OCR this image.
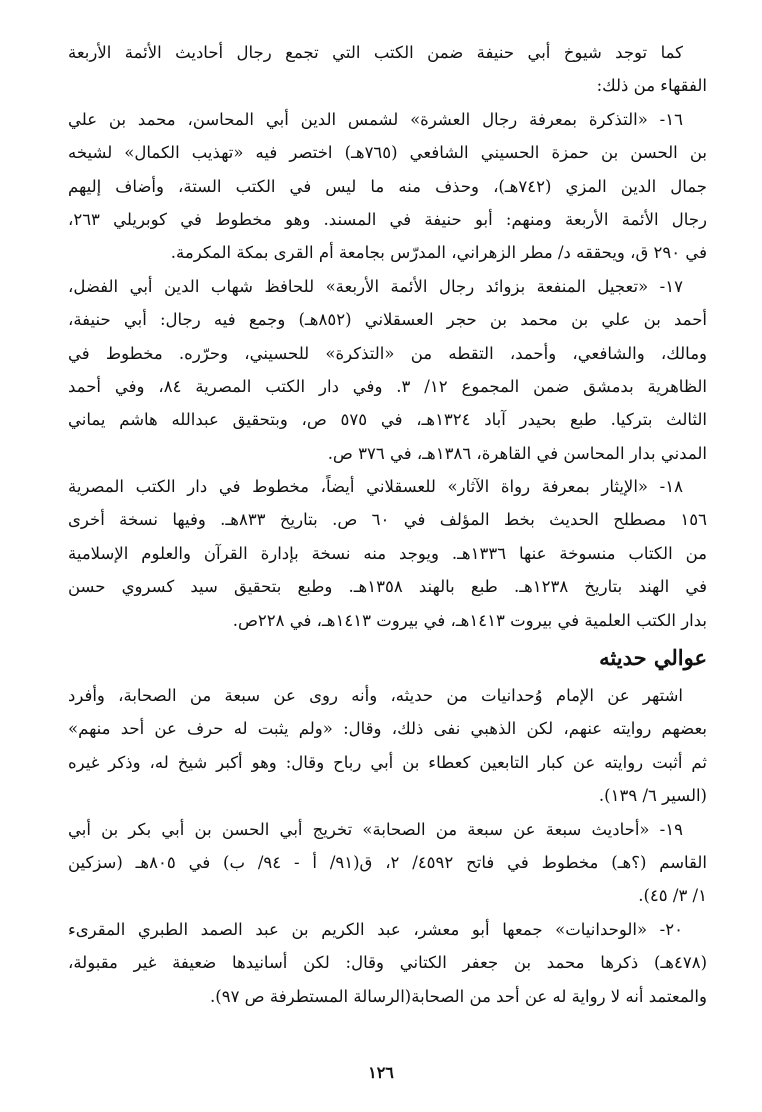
كما توجد شيوخ أبي حنيفة ضمن الكتب التي تجمع رجال أحاديث الأئمة الأربعة
الفقهاء من ذلك:
١٦- «التذكرة بمعرفة رجال العشرة» لشمس الدين أبي المحاسن، محمد بن علي
بن الحسن بن حمزة الحسيني الشافعي (٧٦٥هـ) اختصر فيه «تهذيب الكمال» لشيخه
جمال الدين المزي (٧٤٢هـ)، وحذف منه ما ليس في الكتب الستة، وأضاف إليهم
رجال الأئمة الأربعة ومنهم: أبو حنيفة في المسند. وهو مخطوط في كوبريلي ٢٦٣،
في ٢٩٠ ق، ويحققه د/ مطر الزهراني، المدرّس بجامعة أم القرى بمكة المكرمة.
١٧- «تعجيل المنفعة بزوائد رجال الأئمة الأربعة» للحافظ شهاب الدين أبي الفضل،
أحمد بن علي بن محمد بن حجر العسقلاني (٨٥٢هـ) وجمع فيه رجال: أبي حنيفة،
ومالك، والشافعي، وأحمد، التقطه من «التذكرة» للحسيني، وحرّره. مخطوط في
الظاهرية بدمشق ضمن المجموع ١٢/ ٣. وفي دار الكتب المصرية ٨٤، وفي أحمد
الثالث بتركيا. طبع بحيدر آباد ١٣٢٤هـ، في ٥٧٥ ص، وبتحقيق عبدالله هاشم يماني
المدني بدار المحاسن في القاهرة، ١٣٨٦هـ، في ٣٧٦ ص.
١٨- «الإيثار بمعرفة رواة الآثار» للعسقلاني أيضاً، مخطوط في دار الكتب المصرية
١٥٦ مصطلح الحديث بخط المؤلف في ٦٠ ص. بتاريخ ٨٣٣هـ. وفيها نسخة أخرى
من الكتاب منسوخة عنها ١٣٣٦هـ. ويوجد منه نسخة بإدارة القرآن والعلوم الإسلامية
في الهند بتاريخ ١٢٣٨هـ. طبع بالهند ١٣٥٨هـ. وطبع بتحقيق سيد كسروي حسن
بدار الكتب العلمية في بيروت ١٤١٣هـ، في بيروت ١٤١٣هـ، في ٢٢٨ص.
عوالي حديثه
اشتهر عن الإمام وُحدانيات من حديثه، وأنه روى عن سبعة من الصحابة، وأفرد
بعضهم روايته عنهم، لكن الذهبي نفى ذلك، وقال: «ولم يثبت له حرف عن أحد منهم»
ثم أثبت روايته عن كبار التابعين كعطاء بن أبي رباح وقال: وهو أكبر شيخ له، وذكر غيره
(السير ٦/ ١٣٩).
١٩- «أحاديث سبعة عن سبعة من الصحابة» تخريج أبي الحسن بن أبي بكر بن أبي
القاسم (؟هـ) مخطوط في فاتح ٤٥٩٢/ ٢، ق(٩١/ أ - ٩٤/ ب) في ٨٠٥هـ (سزكين
١/ ٣/ ٤٥).
٢٠- «الوحدانيات» جمعها أبو معشر، عبد الكريم بن عبد الصمد الطبري المقرىء
(٤٧٨هـ) ذكرها محمد بن جعفر الكتاني وقال: لكن أسانيدها ضعيفة غير مقبولة،
والمعتمد أنه لا رواية له عن أحد من الصحابة(الرسالة المستطرفة ص ٩٧).
١٢٦
